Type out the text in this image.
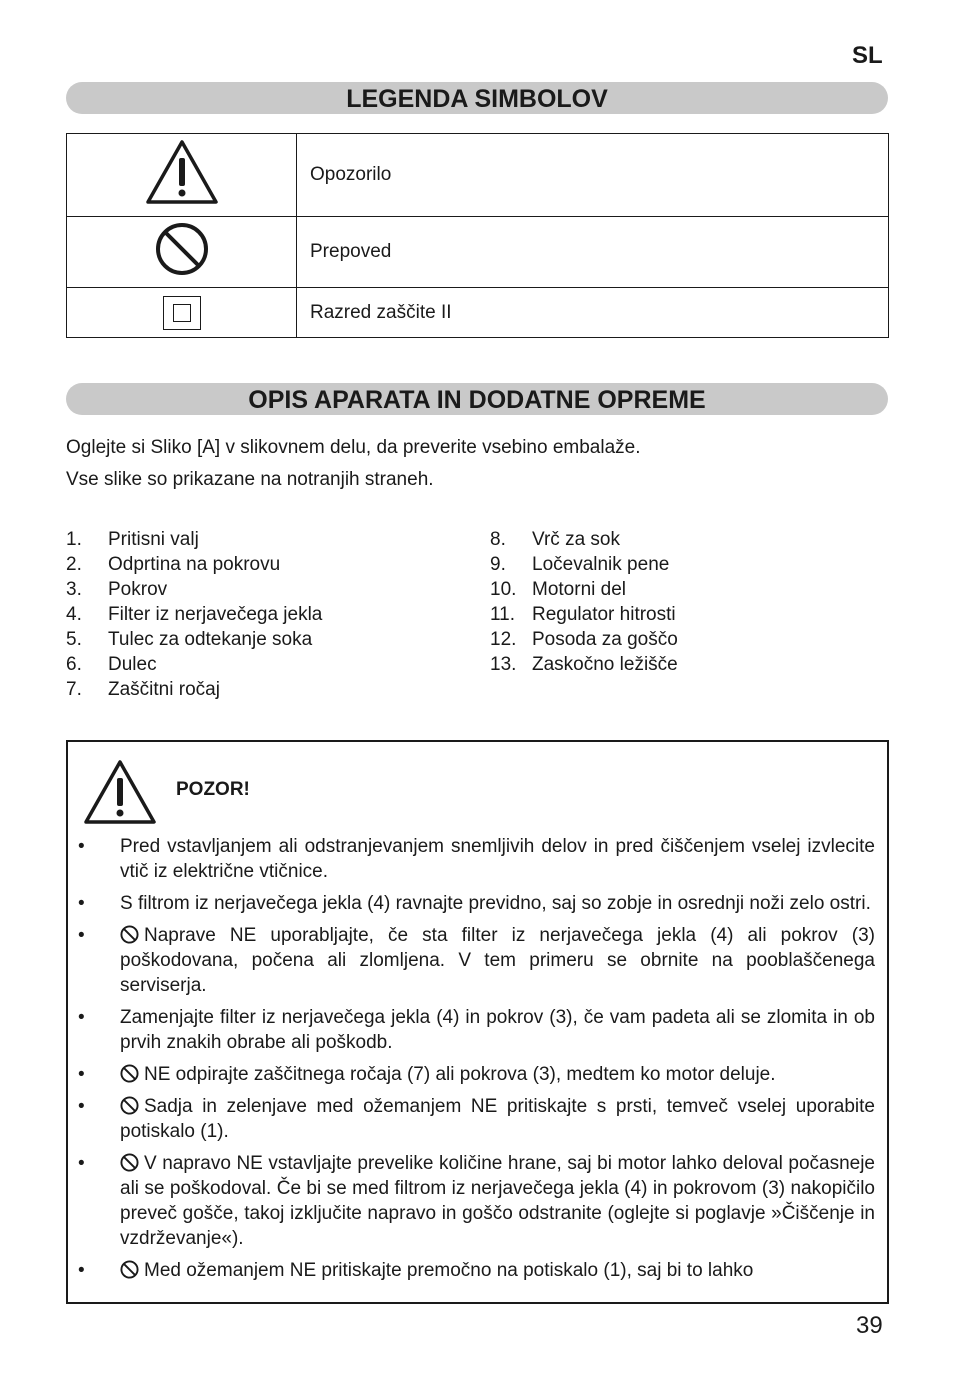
SL
LEGENDA SIMBOLOV
	Opozorilo
	Prepoved
	Razred zaščite II
OPIS APARATA IN DODATNE OPREME
Oglejte si Sliko [A] v slikovnem delu, da preverite vsebino embalaže.
Vse slike so prikazane na notranjih straneh.
1. Pritisni valj
2. Odprtina na pokrovu
3. Pokrov
4. Filter iz nerjavečega jekla
5. Tulec za odtekanje soka
6. Dulec
7. Zaščitni ročaj
8. Vrč za sok
9. Ločevalnik pene
10. Motorni del
11. Regulator hitrosti
12. Posoda za goščo
13. Zaskočno ležišče
POZOR!
• Pred vstavljanjem ali odstranjevanjem snemljivih delov in pred čiščenjem vselej izvlecite vtič iz električne vtičnice.
• S filtrom iz nerjavečega jekla (4) ravnajte previdno, saj so zobje in osrednji noži zelo ostri.
•	Naprave NE uporabljajte, če sta filter iz nerjavečega jekla (4) ali pokrov (3) poškodovana, počena ali zlomljena. V tem primeru se obrnite na pooblaščenega serviserja.
• Zamenjajte filter iz nerjavečega jekla (4) in pokrov (3), če vam padeta ali se zlomita in ob prvih znakih obrabe ali poškodb.
•	NE odpirajte zaščitnega ročaja (7) ali pokrova (3), medtem ko motor deluje.
•	Sadja in zelenjave med ožemanjem NE pritiskajte s prsti, temveč vselej uporabite potiskalo (1).
•	V napravo NE vstavljajte prevelike količine hrane, saj bi motor lahko deloval počasneje ali se poškodoval. Če bi se med filtrom iz nerjavečega jekla (4) in pokrovom (3) nakopičilo preveč gošče, takoj izključite napravo in goščo odstranite (oglejte si poglavje »Čiščenje in vzdrževanje«).
•	Med ožemanjem NE pritiskajte premočno na potiskalo (1), saj bi to lahko
39
